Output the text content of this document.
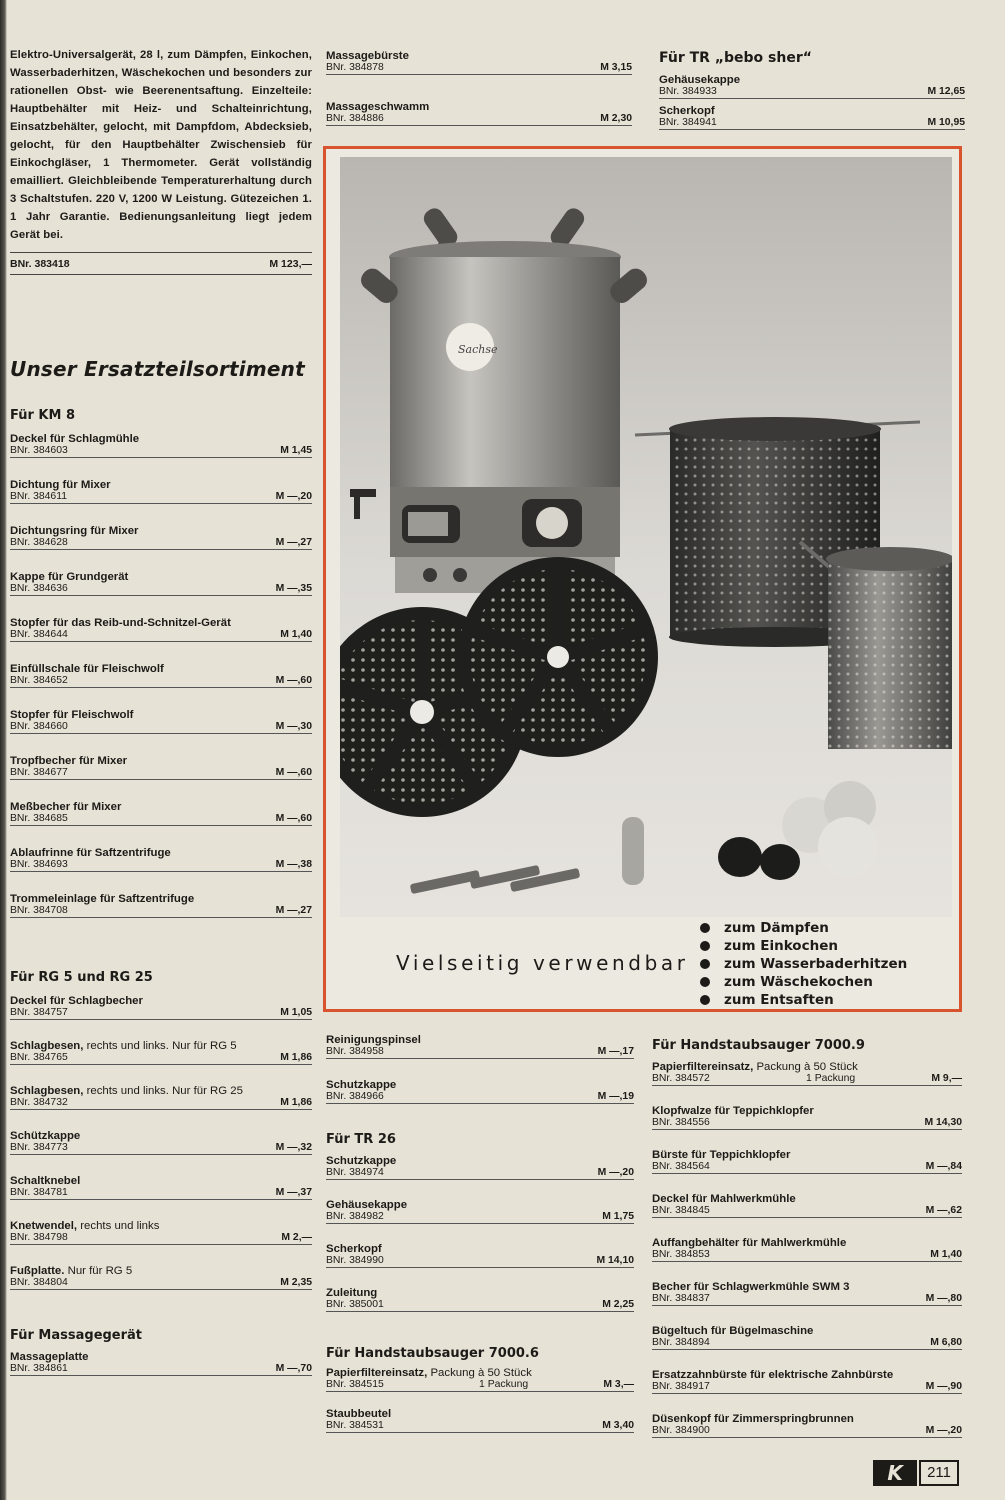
Elektro-Universalgerät, 28 l, zum Dämpfen, Einkochen, Wasserbaderhitzen, Wäschekochen und besonders zur rationellen Obst- wie Beerenentsaftung. Einzelteile: Hauptbehälter mit Heiz- und Schalteinrichtung, Einsatzbehälter, gelocht, mit Dampfdom, Abdecksieb, gelocht, für den Hauptbehälter Zwischensieb für Einkochgläser, 1 Thermometer. Gerät vollständig emailliert. Gleichbleibende Temperaturerhaltung durch 3 Schaltstufen. 220 V, 1200 W Leistung. Gütezeichen 1. 1 Jahr Garantie. Bedienungsanleitung liegt jedem Gerät bei.

BNr. 383418	M 123,—
Unser Ersatzteilsortiment
Für KM 8
Deckel für Schlagmühle
BNr. 384603	M 1,45
Dichtung für Mixer
BNr. 384611	M —,20
Dichtungsring für Mixer
BNr. 384628	M —,27
Kappe für Grundgerät
BNr. 384636	M —,35
Stopfer für das Reib-und-Schnitzel-Gerät
BNr. 384644	M 1,40
Einfüllschale für Fleischwolf
BNr. 384652	M —,60
Stopfer für Fleischwolf
BNr. 384660	M —,30
Tropfbecher für Mixer
BNr. 384677	M —,60
Meßbecher für Mixer
BNr. 384685	M —,60
Ablaufrinne für Saftzentrifuge
BNr. 384693	M —,38
Trommeleinlage für Saftzentrifuge
BNr. 384708	M —,27
Für RG 5 und RG 25
Deckel für Schlagbecher
BNr. 384757	M 1,05
Schlagbesen, rechts und links. Nur für RG 5
BNr. 384765	M 1,86
Schlagbesen, rechts und links. Nur für RG 25
BNr. 384732	M 1,86
Schützkappe
BNr. 384773	M —,32
Schaltknebel
BNr. 384781	M —,37
Knetwendel, rechts und links
BNr. 384798	M 2,—
Fußplatte. Nur für RG 5
BNr. 384804	M 2,35
Für Massagegerät
Massageplatte
BNr. 384861	M —,70
Massagebürste
BNr. 384878	M 3,15
Massageschwamm
BNr. 384886	M 2,30
Für TR „bebo sher“
Gehäusekappe
BNr. 384933	M 12,65
Scherkopf
BNr. 384941	M 10,95
Sachse
Vielseitig verwendbar
zum Dämpfen
zum Einkochen
zum Wasserbaderhitzen
zum Wäschekochen
zum Entsaften
Reinigungspinsel
BNr. 384958	M —,17
Schutzkappe
BNr. 384966	M —,19
Für TR 26
Schutzkappe
BNr. 384974	M —,20
Gehäusekappe
BNr. 384982	M 1,75
Scherkopf
BNr. 384990	M 14,10
Zuleitung
BNr. 385001	M 2,25
Für Handstaubsauger 7000.6
Papierfiltereinsatz, Packung à 50 Stück
BNr. 384515	1 Packung	M 3,—
Staubbeutel
BNr. 384531	M 3,40
Für Handstaubsauger 7000.9
Papierfiltereinsatz, Packung à 50 Stück
BNr. 384572	1 Packung	M 9,—
Klopfwalze für Teppichklopfer
BNr. 384556	M 14,30
Bürste für Teppichklopfer
BNr. 384564	M —,84
Deckel für Mahlwerkmühle
BNr. 384845	M —,62
Auffangbehälter für Mahlwerkmühle
BNr. 384853	M 1,40
Becher für Schlagwerkmühle SWM 3
BNr. 384837	M —,80
Bügeltuch für Bügelmaschine
BNr. 384894	M 6,80
Ersatzzahnbürste für elektrische Zahnbürste
BNr. 384917	M —,90
Düsenkopf für Zimmerspringbrunnen
BNr. 384900	M —,20
K	211
